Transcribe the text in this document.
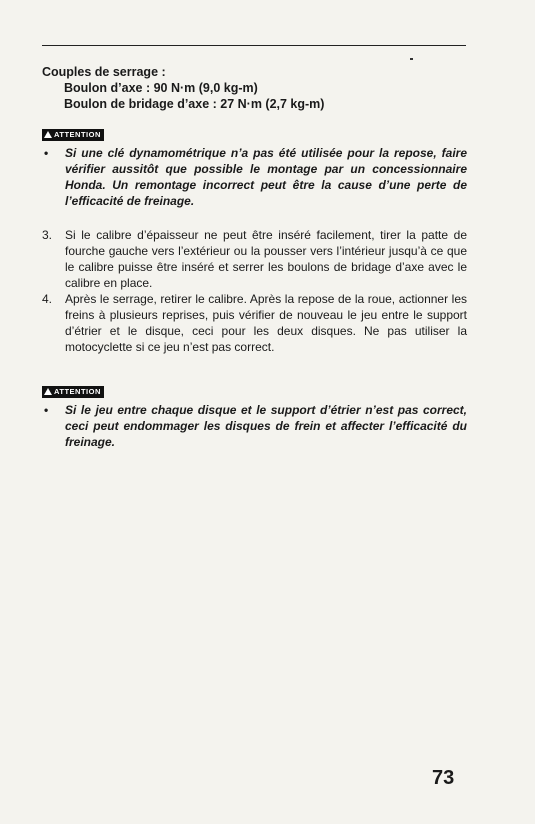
Couples de serrage :

Boulon d’axe : 90 N·m (9,0 kg-m)

Boulon de bridage d’axe : 27 N·m (2,7 kg-m)

ATTENTION

• Si une clé dynamométrique n’a pas été utilisée pour la repose, faire vérifier aussitôt que possible le montage par un concessionnaire Honda. Un remontage incorrect peut être la cause d’une perte de l’efficacité de freinage.

3. Si le calibre d’épaisseur ne peut être inséré facilement, tirer la patte de fourche gauche vers l’extérieur ou la pousser vers l’intérieur jusqu’à ce que le calibre puisse être inséré et serrer les boulons de bridage d’axe avec le calibre en place.

4. Après le serrage, retirer le calibre. Après la repose de la roue, actionner les freins à plusieurs reprises, puis vérifier de nouveau le jeu entre le support d’étrier et le disque, ceci pour les deux disques. Ne pas utiliser la motocyclette si ce jeu n’est pas correct.

ATTENTION

• Si le jeu entre chaque disque et le support d’étrier n’est pas correct, ceci peut endommager les disques de frein et affecter l’efficacité du freinage.

73
